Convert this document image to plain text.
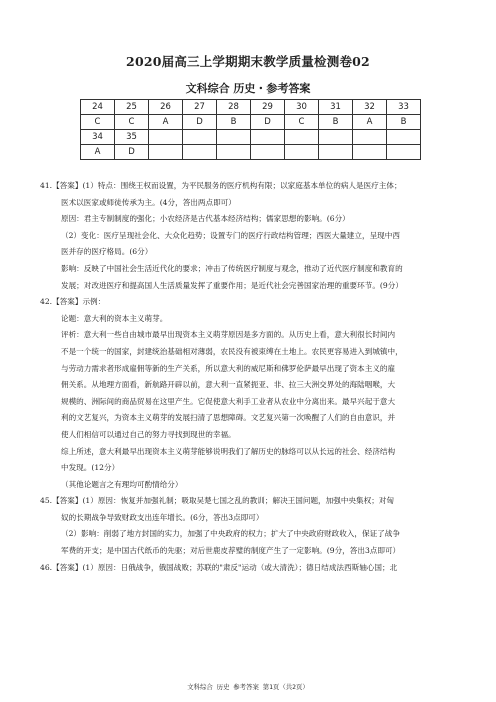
2020届高三上学期期末教学质量检测卷02
文科综合 历史・参考答案
24	25	26	27	28	29	30	31	32	33
C	C	A	D	B	D	C	B	A	B
34	35								
A	D								

41.【答案】(1）特点：围绕王权而设置，为平民服务的医疗机构有限；以家庭基本单位的病人是医疗主体；

医术以医家或师徒传承为主。(4分，答出两点即可）

原因：君主专制制度的强化；小农经济是古代基本经济结构；儒家思想的影响。(6分）

（2）变化：医疗呈现社会化、大众化趋势；设置专门的医疗行政结构管理；西医大量建立，呈现中西

医并存的医疗格局。(6分）

影响：反映了中国社会生活近代化的要求；冲击了传统医疗制度与观念，推动了近代医疗制度和教育的

发展；对改进医疗和提高国人生活质量发挥了重要作用；是近代社会完善国家治理的重要环节。(9分）

42.【答案】示例：

论题：意大利的资本主义萌芽。

评析：意大利一些自由城市最早出现资本主义萌芽原因是多方面的。从历史上看，意大利很长时间内

不是一个统一的国家，封建统治基础相对薄弱，农民没有被束缚在土地上。农民更容易进入到城镇中，

与劳动力需求者形成雇佣等新的生产关系，所以意大利的威尼斯和佛罗伦萨最早出现了资本主义的雇

佣关系。从地理方面看，新航路开辟以前，意大利一直紧扼亚、非、拉三大洲交界处的海陆咽喉，大

规模的、洲际间的商品贸易在这里产生。它促使意大利手工业者从农业中分离出来。最早兴起于意大

利的文艺复兴，为资本主义萌芽的发展扫清了思想障碍。文艺复兴第一次唤醒了人们的自由意识，并

使人们相信可以通过自己的努力寻找到现世的幸福。

综上所述，意大利最早出现资本主义萌芽能够说明我们了解历史的脉络可以从长远的社会、经济结构

中发现。(12分）

（其他论题言之有理均可酌情给分）

45.【答案】(1）原因：恢复并加强礼制；吸取吴楚七国之乱的教训；解决王国问题，加强中央集权；对匈

奴的长期战争导致财政支出连年增长。(6分，答出3点即可）

（2）影响：削弱了地方封国的实力，加强了中央政府的权力；扩大了中央政府财政收入，保证了战争

军费的开支；是中国古代纸币的先驱；对后世鹿皮荐璧的制度产生了一定影响。(9分，答出3点即可）

46.【答案】(1）原因：日俄战争，俄国战败；苏联的"肃反"运动（或大清洗）；德日结成法西斯轴心国；北

文科综合 历史 参考答案 第1页（共2页）
